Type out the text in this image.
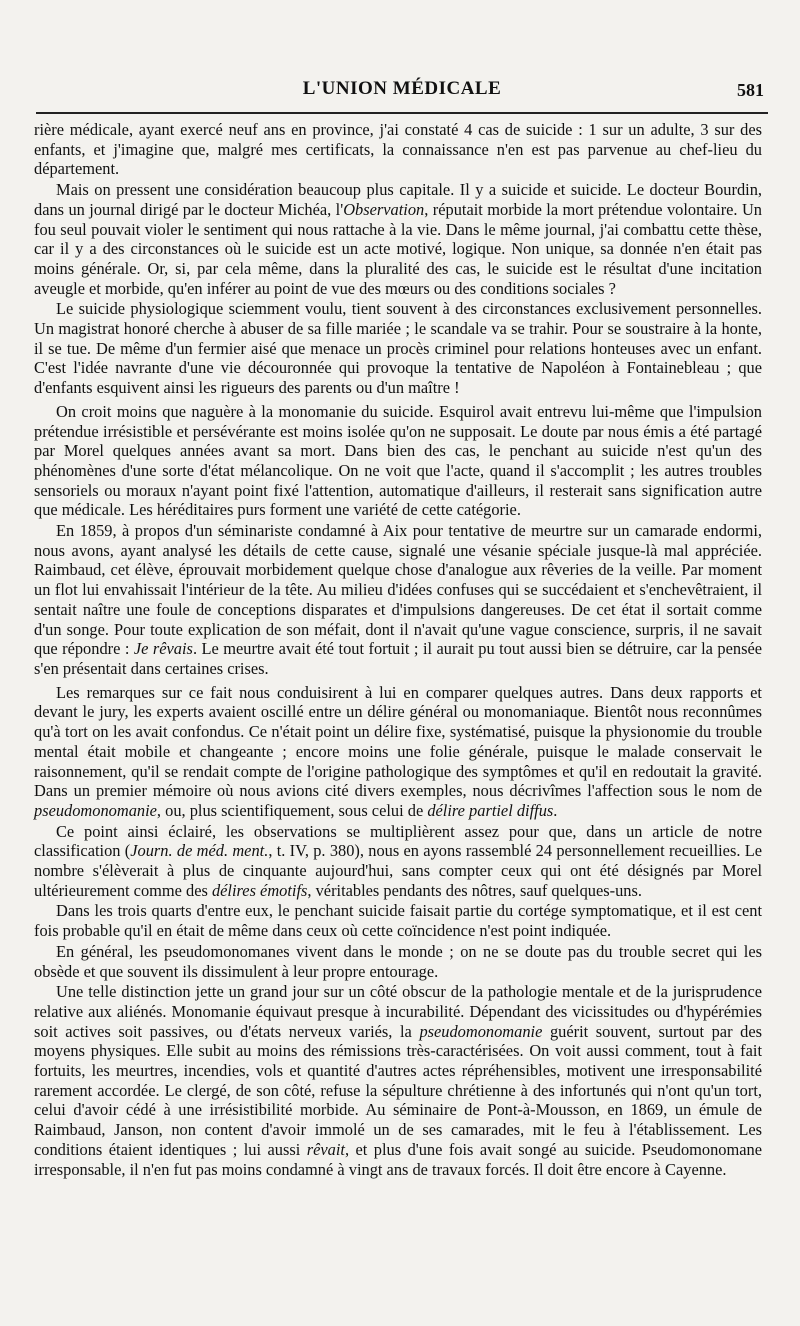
L'UNION MÉDICALE	581

rière médicale, ayant exercé neuf ans en province, j'ai constaté 4 cas de suicide : 1 sur un adulte, 3 sur des enfants, et j'imagine que, malgré mes certificats, la connaissance n'en est pas parvenue au chef-lieu du département.

Mais on pressent une considération beaucoup plus capitale. Il y a suicide et suicide. Le docteur Bourdin, dans un journal dirigé par le docteur Michéa, l'Observation, réputait morbide la mort prétendue volontaire. Un fou seul pouvait violer le sentiment qui nous rattache à la vie. Dans le même journal, j'ai combattu cette thèse, car il y a des circonstances où le suicide est un acte motivé, logique. Non unique, sa donnée n'en était pas moins générale. Or, si, par cela même, dans la pluralité des cas, le suicide est le résultat d'une incitation aveugle et morbide, qu'en inférer au point de vue des mœurs ou des conditions sociales ?

Le suicide physiologique sciemment voulu, tient souvent à des circonstances exclusivement personnelles. Un magistrat honoré cherche à abuser de sa fille mariée ; le scandale va se trahir. Pour se soustraire à la honte, il se tue. De même d'un fermier aisé que menace un procès criminel pour relations honteuses avec un enfant. C'est l'idée navrante d'une vie découronnée qui provoque la tentative de Napoléon à Fontainebleau ; que d'enfants esquivent ainsi les rigueurs des parents ou d'un maître !

On croit moins que naguère à la monomanie du suicide. Esquirol avait entrevu lui-même que l'impulsion prétendue irrésistible et persévérante est moins isolée qu'on ne supposait. Le doute par nous émis a été partagé par Morel quelques années avant sa mort. Dans bien des cas, le penchant au suicide n'est qu'un des phénomènes d'une sorte d'état mélancolique. On ne voit que l'acte, quand il s'accomplit ; les autres troubles sensoriels ou moraux n'ayant point fixé l'attention, automatique d'ailleurs, il resterait sans signification autre que médicale. Les héréditaires purs forment une variété de cette catégorie.

En 1859, à propos d'un séminariste condamné à Aix pour tentative de meurtre sur un camarade endormi, nous avons, ayant analysé les détails de cette cause, signalé une vésanie spéciale jusque-là mal appréciée. Raimbaud, cet élève, éprouvait morbidement quelque chose d'analogue aux rêveries de la veille. Par moment un flot lui envahissait l'intérieur de la tête. Au milieu d'idées confuses qui se succédaient et s'enchevêtraient, il sentait naître une foule de conceptions disparates et d'impulsions dangereuses. De cet état il sortait comme d'un songe. Pour toute explication de son méfait, dont il n'avait qu'une vague conscience, surpris, il ne savait que répondre : Je rêvais. Le meurtre avait été tout fortuit ; il aurait pu tout aussi bien se détruire, car la pensée s'en présentait dans certaines crises.

Les remarques sur ce fait nous conduisirent à lui en comparer quelques autres. Dans deux rapports et devant le jury, les experts avaient oscillé entre un délire général ou monomaniaque. Bientôt nous reconnûmes qu'à tort on les avait confondus. Ce n'était point un délire fixe, systématisé, puisque la physionomie du trouble mental était mobile et changeante ; encore moins une folie générale, puisque le malade conservait le raisonnement, qu'il se rendait compte de l'origine pathologique des symptômes et qu'il en redoutait la gravité. Dans un premier mémoire où nous avions cité divers exemples, nous décrivîmes l'affection sous le nom de pseudomonomanie, ou, plus scientifiquement, sous celui de délire partiel diffus.

Ce point ainsi éclairé, les observations se multiplièrent assez pour que, dans un article de notre classification (Journ. de méd. ment., t. IV, p. 380), nous en ayons rassemblé 24 personnellement recueillies. Le nombre s'élèverait à plus de cinquante aujourd'hui, sans compter ceux qui ont été désignés par Morel ultérieurement comme des délires émotifs, véritables pendants des nôtres, sauf quelques-uns.

Dans les trois quarts d'entre eux, le penchant suicide faisait partie du cortége symptomatique, et il est cent fois probable qu'il en était de même dans ceux où cette coïncidence n'est point indiquée.

En général, les pseudomonomanes vivent dans le monde ; on ne se doute pas du trouble secret qui les obsède et que souvent ils dissimulent à leur propre entourage.

Une telle distinction jette un grand jour sur un côté obscur de la pathologie mentale et de la jurisprudence relative aux aliénés. Monomanie équivaut presque à incurabilité. Dépendant des vicissitudes ou d'hypérémies soit actives soit passives, ou d'états nerveux variés, la pseudomonomanie guérit souvent, surtout par des moyens physiques. Elle subit au moins des rémissions très-caractérisées. On voit aussi comment, tout à fait fortuits, les meurtres, incendies, vols et quantité d'autres actes répréhensibles, motivent une irresponsabilité rarement accordée. Le clergé, de son côté, refuse la sépulture chrétienne à des infortunés qui n'ont qu'un tort, celui d'avoir cédé à une irrésistibilité morbide. Au séminaire de Pont-à-Mousson, en 1869, un émule de Raimbaud, Janson, non content d'avoir immolé un de ses camarades, mit le feu à l'établissement. Les conditions étaient identiques ; lui aussi rêvait, et plus d'une fois avait songé au suicide. Pseudomonomane irresponsable, il n'en fut pas moins condamné à vingt ans de travaux forcés. Il doit être encore à Cayenne.
